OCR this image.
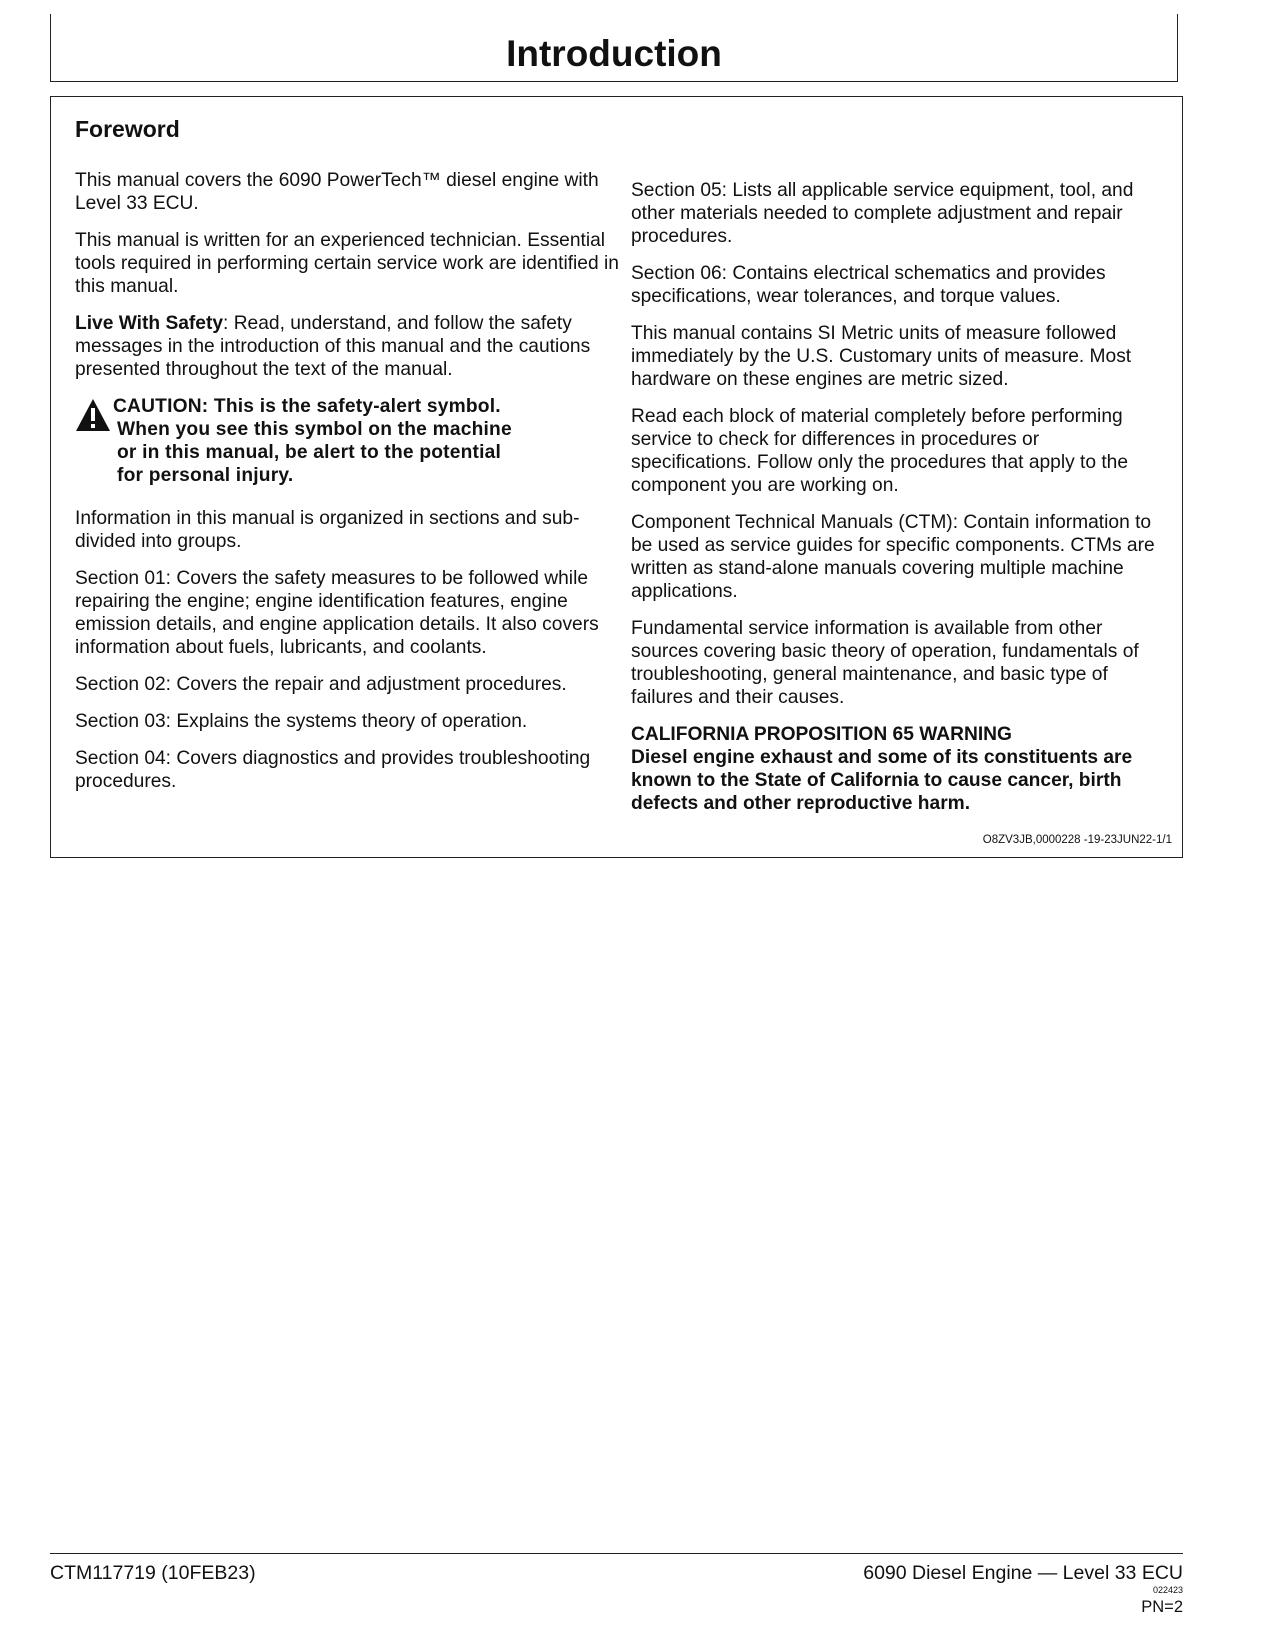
Introduction
Foreword

This manual covers the 6090 PowerTech™ diesel engine with Level 33 ECU.

This manual is written for an experienced technician. Essential tools required in performing certain service work are identified in this manual.

Live With Safety: Read, understand, and follow the safety messages in the introduction of this manual and the cautions presented throughout the text of the manual.

CAUTION: This is the safety-alert symbol.
When you see this symbol on the machine
or in this manual, be alert to the potential
for personal injury.

Information in this manual is organized in sections and sub-divided into groups.

Section 01: Covers the safety measures to be followed while repairing the engine; engine identification features, engine emission details, and engine application details. It also covers information about fuels, lubricants, and coolants.

Section 02: Covers the repair and adjustment procedures.

Section 03: Explains the systems theory of operation.

Section 04: Covers diagnostics and provides troubleshooting procedures.

Section 05: Lists all applicable service equipment, tool, and other materials needed to complete adjustment and repair procedures.

Section 06: Contains electrical schematics and provides specifications, wear tolerances, and torque values.

This manual contains SI Metric units of measure followed immediately by the U.S. Customary units of measure. Most hardware on these engines are metric sized.

Read each block of material completely before performing service to check for differences in procedures or specifications. Follow only the procedures that apply to the component you are working on.

Component Technical Manuals (CTM): Contain information to be used as service guides for specific components. CTMs are written as stand-alone manuals covering multiple machine applications.

Fundamental service information is available from other sources covering basic theory of operation, fundamentals of troubleshooting, general maintenance, and basic type of failures and their causes.

CALIFORNIA PROPOSITION 65 WARNING
Diesel engine exhaust and some of its constituents are known to the State of California to cause cancer, birth defects and other reproductive harm.
O8ZV3JB,0000228 -19-23JUN22-1/1
CTM117719 (10FEB23)	6090 Diesel Engine — Level 33 ECU
022423
PN=2
